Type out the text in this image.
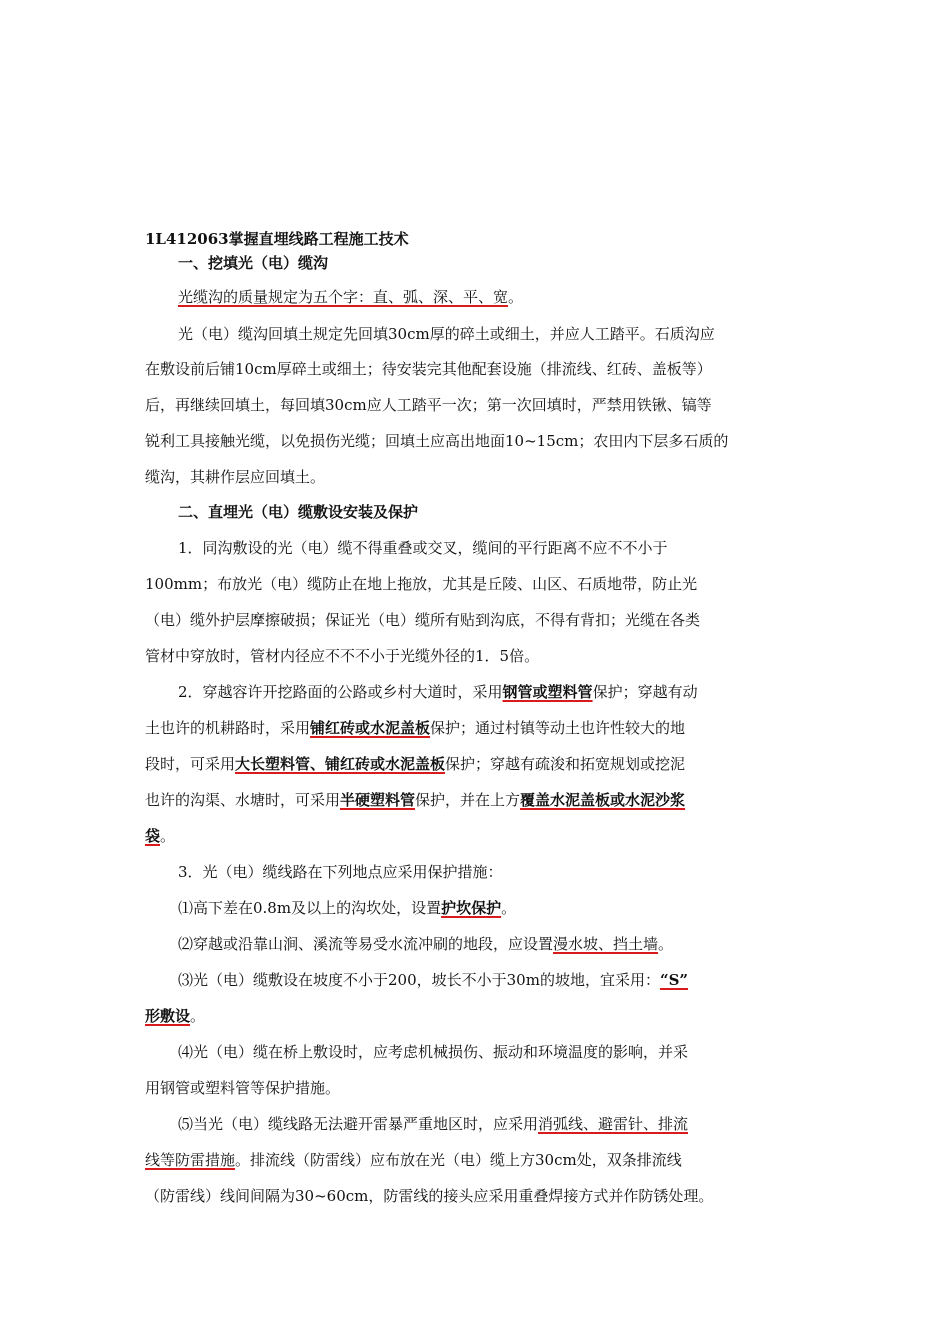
1L412063掌握直埋线路工程施工技术
一、挖填光（电）缆沟
光缆沟的质量规定为五个字：直、弧、深、平、宽。
光（电）缆沟回填土规定先回填30cm厚的碎土或细土，并应人工踏平。石质沟应
在敷设前后铺10cm厚碎土或细土；待安装完其他配套设施（排流线、红砖、盖板等）
后，再继续回填土，每回填30cm应人工踏平一次；第一次回填时，严禁用铁锹、镐等
锐利工具接触光缆，以免损伤光缆；回填土应高出地面10~15cm；农田内下层多石质的
缆沟，其耕作层应回填土。
二、直埋光（电）缆敷设安装及保护
1．同沟敷设的光（电）缆不得重叠或交叉，缆间的平行距离不应不不小于
100mm；布放光（电）缆防止在地上拖放，尤其是丘陵、山区、石质地带，防止光
（电）缆外护层摩擦破损；保证光（电）缆所有贴到沟底，不得有背扣；光缆在各类
管材中穿放时，管材内径应不不不小于光缆外径的1．5倍。
2．穿越容许开挖路面的公路或乡村大道时，采用钢管或塑料管保护；穿越有动
土也许的机耕路时，采用铺红砖或水泥盖板保护；通过村镇等动土也许性较大的地
段时，可采用大长塑料管、铺红砖或水泥盖板保护；穿越有疏浚和拓宽规划或挖泥
也许的沟渠、水塘时，可采用半硬塑料管保护，并在上方覆盖水泥盖板或水泥沙浆
袋。
3．光（电）缆线路在下列地点应采用保护措施：
⑴高下差在0.8m及以上的沟坎处，设置护坎保护。
⑵穿越或沿靠山涧、溪流等易受水流冲刷的地段，应设置漫水坡、挡土墙。
⑶光（电）缆敷设在坡度不小于200，坡长不小于30m的坡地，宜采用：“S”
形敷设。
⑷光（电）缆在桥上敷设时，应考虑机械损伤、振动和环境温度的影响，并采
用钢管或塑料管等保护措施。
⑸当光（电）缆线路无法避开雷暴严重地区时，应采用消弧线、避雷针、排流
线等防雷措施。排流线（防雷线）应布放在光（电）缆上方30cm处，双条排流线
（防雷线）线间间隔为30~60cm，防雷线的接头应采用重叠焊接方式并作防锈处理。
